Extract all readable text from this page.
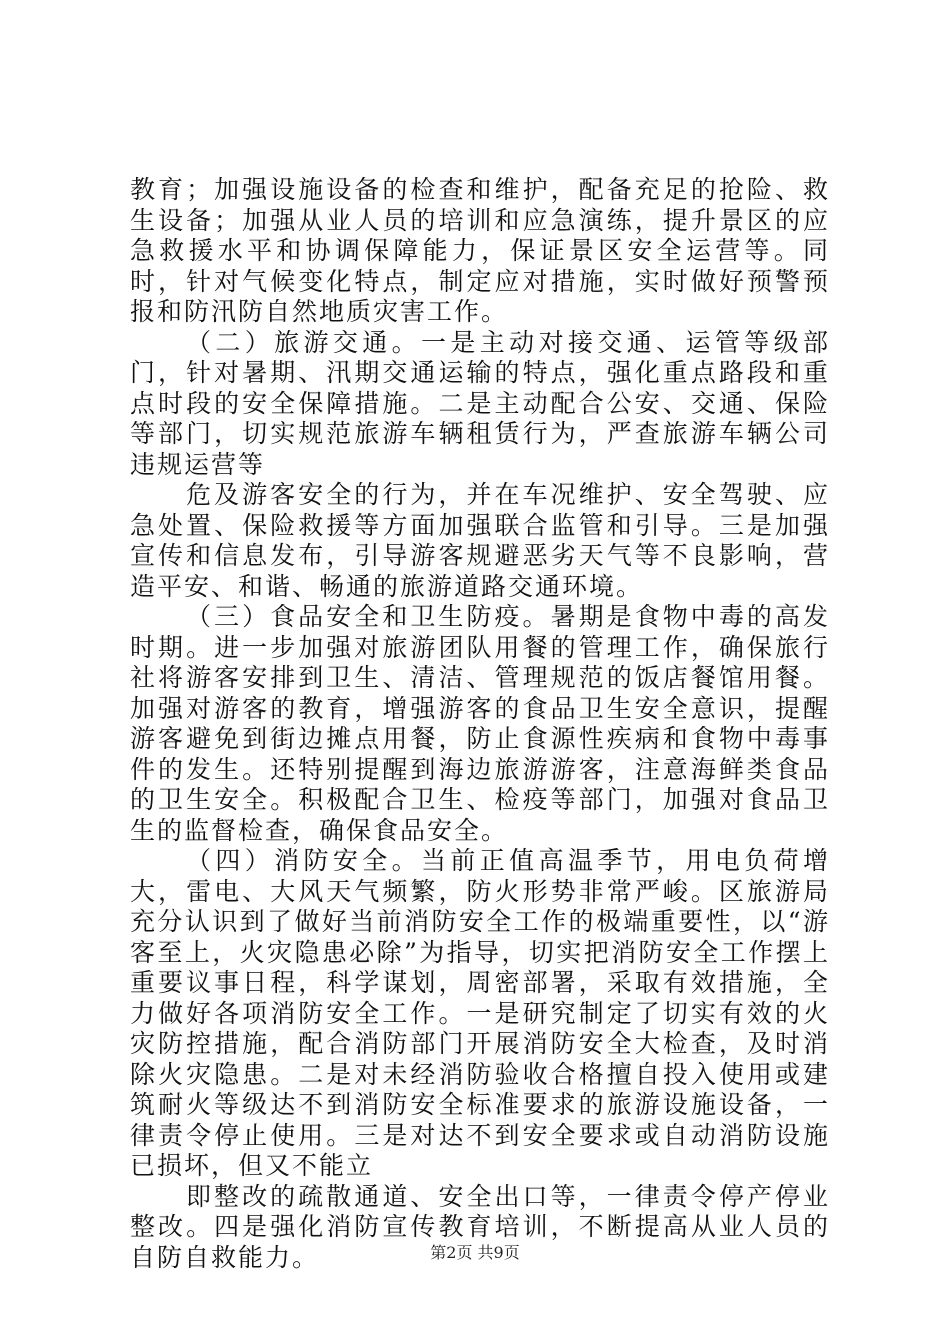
教育；加强设施设备的检查和维护，配备充足的抢险、救生设备；加强从业人员的培训和应急演练，提升景区的应急救援水平和协调保障能力，保证景区安全运营等。同时，针对气候变化特点，制定应对措施，实时做好预警预报和防汛防自然地质灾害工作。

（二）旅游交通。一是主动对接交通、运管等级部门，针对暑期、汛期交通运输的特点，强化重点路段和重点时段的安全保障措施。二是主动配合公安、交通、保险等部门，切实规范旅游车辆租赁行为，严查旅游车辆公司违规运营等

危及游客安全的行为，并在车况维护、安全驾驶、应急处置、保险救援等方面加强联合监管和引导。三是加强宣传和信息发布，引导游客规避恶劣天气等不良影响，营造平安、和谐、畅通的旅游道路交通环境。

（三）食品安全和卫生防疫。暑期是食物中毒的高发时期。进一步加强对旅游团队用餐的管理工作，确保旅行社将游客安排到卫生、清洁、管理规范的饭店餐馆用餐。加强对游客的教育，增强游客的食品卫生安全意识，提醒游客避免到街边摊点用餐，防止食源性疾病和食物中毒事件的发生。还特别提醒到海边旅游游客，注意海鲜类食品的卫生安全。积极配合卫生、检疫等部门，加强对食品卫生的监督检查，确保食品安全。

（四）消防安全。当前正值高温季节，用电负荷增大，雷电、大风天气频繁，防火形势非常严峻。区旅游局充分认识到了做好当前消防安全工作的极端重要性，以“游客至上，火灾隐患必除”为指导，切实把消防安全工作摆上重要议事日程，科学谋划，周密部署，采取有效措施，全力做好各项消防安全工作。一是研究制定了切实有效的火灾防控措施，配合消防部门开展消防安全大检查，及时消除火灾隐患。二是对未经消防验收合格擅自投入使用或建筑耐火等级达不到消防安全标准要求的旅游设施设备，一律责令停止使用。三是对达不到安全要求或自动消防设施已损坏，但又不能立

即整改的疏散通道、安全出口等，一律责令停产停业整改。四是强化消防宣传教育培训，不断提高从业人员的自防自救能力。	第2页 共9页
